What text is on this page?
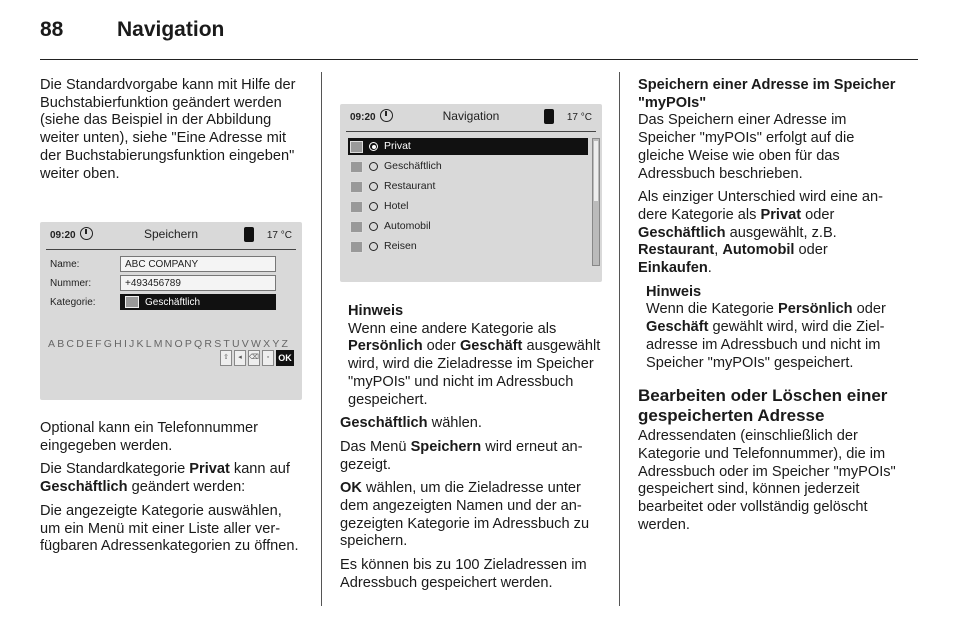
88	Navigation

Die Standardvorgabe kann mit Hilfe der Buchstabierfunktion geändert werden (siehe das Beispiel in der Abbildung weiter unten), siehe "Eine Adresse mit der Buchstabierungsfunktion eingeben" weiter oben.

09:20	Speichern	17 °C
Name:	ABC COMPANY
Nummer:	+493456789
Kategorie:	Geschäftlich
ABCDEFGHIJKLMNOPQRSTUVWXYZ
⇧	◂	⌫	▫	OK

Optional kann ein Telefonnummer eingegeben werden.

Die Standardkategorie Privat kann auf Geschäftlich geändert werden:

Die angezeigte Kategorie auswählen, um ein Menü mit einer Liste aller verfügbaren Adressenkategorien zu öffnen.

09:20	Navigation	17 °C
Privat
Geschäftlich
Restaurant
Hotel
Automobil
Reisen
Hinweis
Wenn eine andere Kategorie als Persönlich oder Geschäft ausgewählt wird, wird die Zieladresse im Speicher "myPOIs" und nicht im Adressbuch gespeichert.

Geschäftlich wählen.

Das Menü Speichern wird erneut angezeigt.

OK wählen, um die Zieladresse unter dem angezeigten Namen und der angezeigten Kategorie im Adressbuch zu speichern.

Es können bis zu 100 Zieladressen im Adressbuch gespeichert werden.

Speichern einer Adresse im Speicher "myPOIs"

Das Speichern einer Adresse im Speicher "myPOIs" erfolgt auf die gleiche Weise wie oben für das Adressbuch beschrieben.

Als einziger Unterschied wird eine andere Kategorie als Privat oder Geschäftlich ausgewählt, z.B. Restaurant, Automobil oder Einkaufen.

Hinweis
Wenn die Kategorie Persönlich oder Geschäft gewählt wird, wird die Zieladresse im Adressbuch und nicht im Speicher "myPOIs" gespeichert.
Bearbeiten oder Löschen einer gespeicherten Adresse

Adressendaten (einschließlich der Kategorie und Telefonnummer), die im Adressbuch oder im Speicher "myPOIs" gespeichert sind, können jederzeit bearbeitet oder vollständig gelöscht werden.
